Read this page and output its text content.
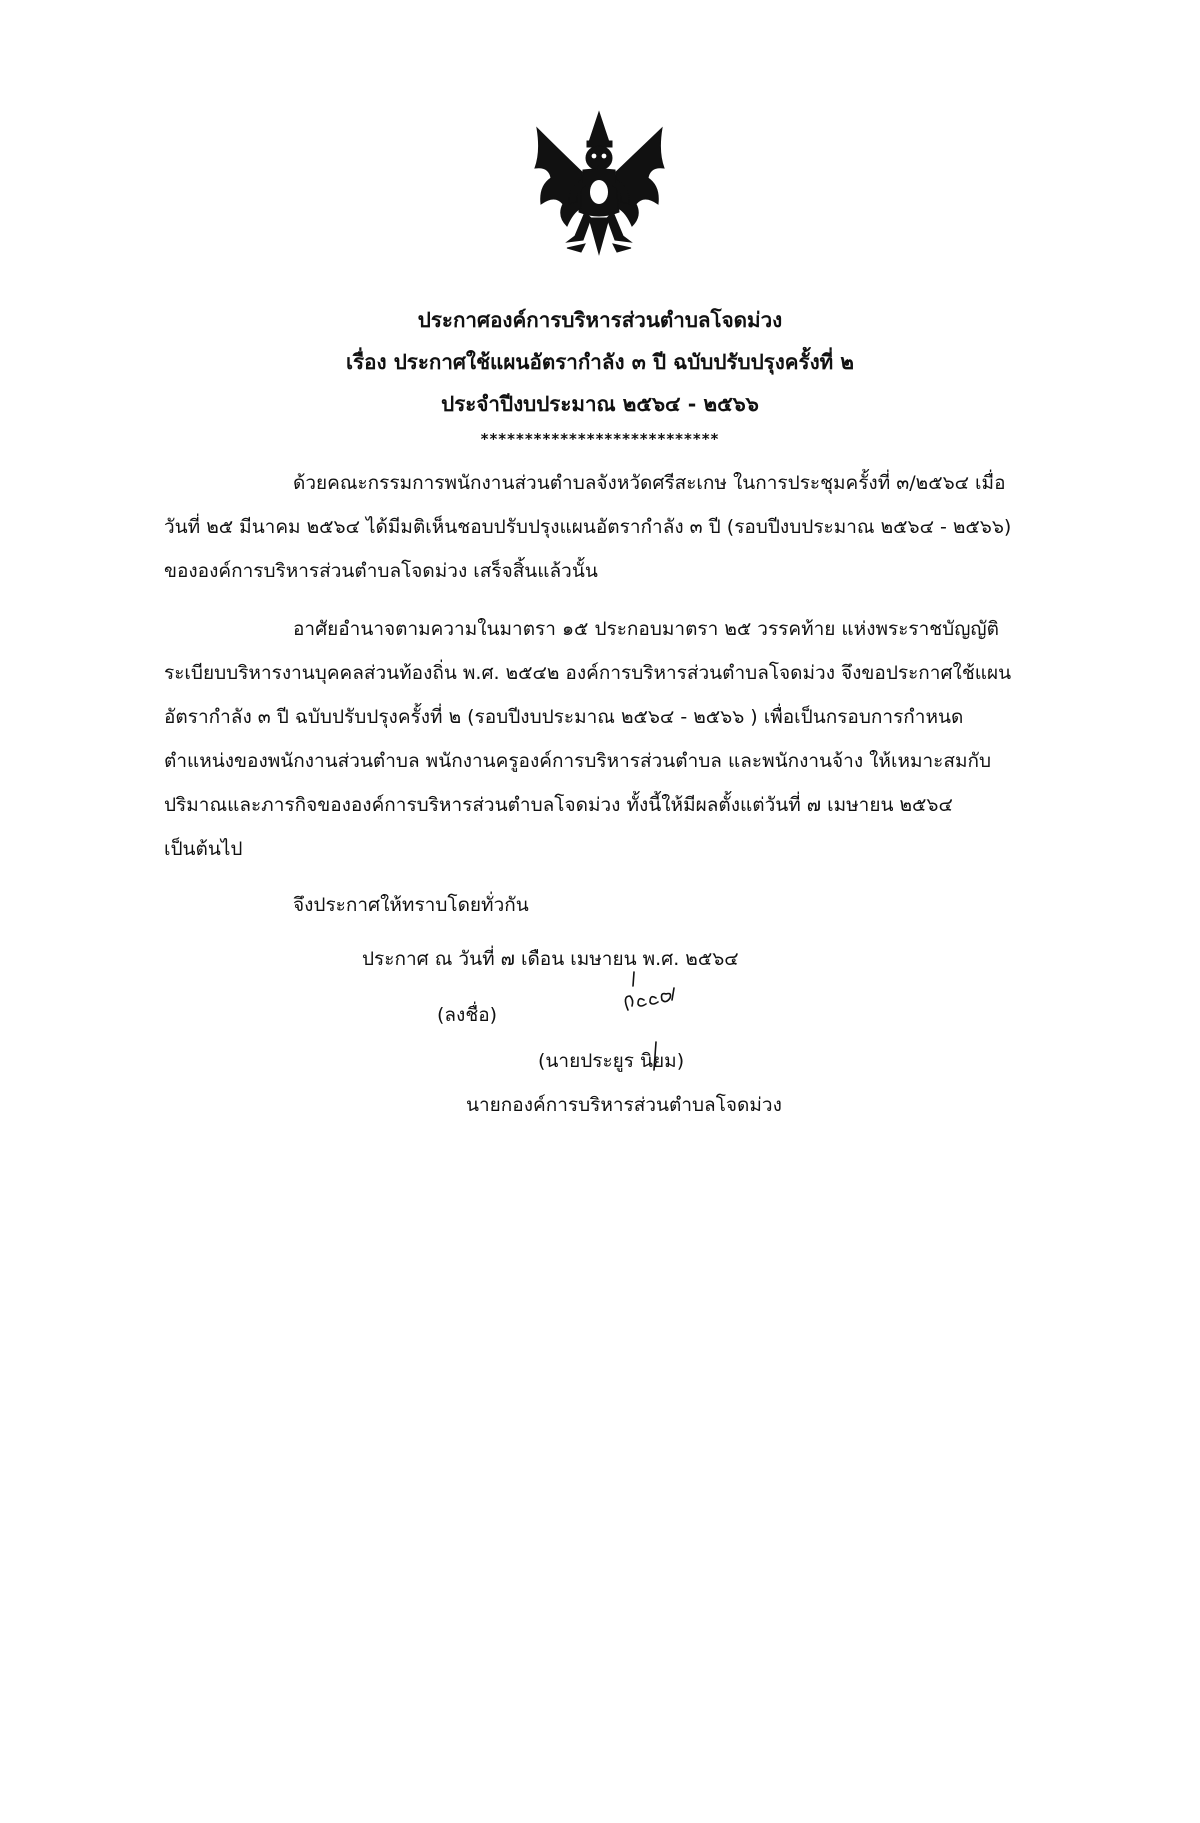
ประกาศองค์การบริหารส่วนตำบลโจดม่วง
เรื่อง ประกาศใช้แผนอัตรากำลัง ๓ ปี ฉบับปรับปรุงครั้งที่ ๒
ประจำปีงบประมาณ ๒๕๖๔ - ๒๕๖๖
***************************
ด้วยคณะกรรมการพนักงานส่วนตำบลจังหวัดศรีสะเกษ ในการประชุมครั้งที่ ๓/๒๕๖๔ เมื่อ
วันที่ ๒๕ มีนาคม ๒๕๖๔ ได้มีมติเห็นชอบปรับปรุงแผนอัตรากำลัง ๓ ปี (รอบปีงบประมาณ ๒๕๖๔ - ๒๕๖๖)
ขององค์การบริหารส่วนตำบลโจดม่วง เสร็จสิ้นแล้วนั้น
อาศัยอำนาจตามความในมาตรา ๑๕ ประกอบมาตรา ๒๕ วรรคท้าย แห่งพระราชบัญญัติ
ระเบียบบริหารงานบุคคลส่วนท้องถิ่น พ.ศ. ๒๕๔๒ องค์การบริหารส่วนตำบลโจดม่วง จึงขอประกาศใช้แผน
อัตรากำลัง ๓ ปี ฉบับปรับปรุงครั้งที่ ๒ (รอบปีงบประมาณ ๒๕๖๔ - ๒๕๖๖ ) เพื่อเป็นกรอบการกำหนด
ตำแหน่งของพนักงานส่วนตำบล พนักงานครูองค์การบริหารส่วนตำบล และพนักงานจ้าง ให้เหมาะสมกับ
ปริมาณและภารกิจขององค์การบริหารส่วนตำบลโจดม่วง ทั้งนี้ให้มีผลตั้งแต่วันที่ ๗ เมษายน ๒๕๖๔
เป็นต้นไป
จึงประกาศให้ทราบโดยทั่วกัน
ประกาศ ณ วันที่ ๗ เดือน เมษายน พ.ศ. ๒๕๖๔
(ลงชื่อ)
(นายประยูร นิยม)
นายกองค์การบริหารส่วนตำบลโจดม่วง
